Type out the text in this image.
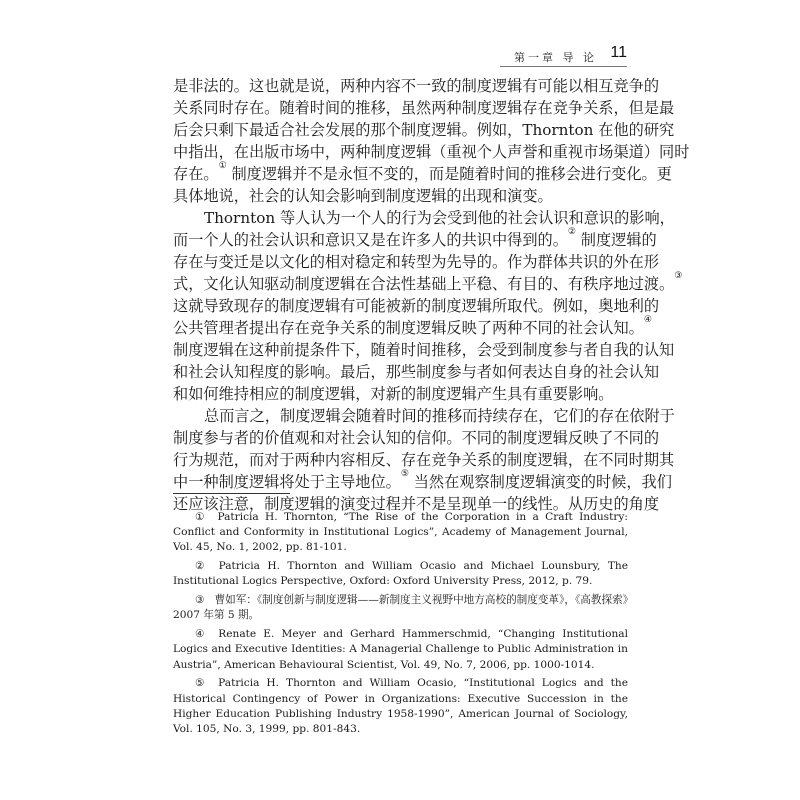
第一章 导 论 11
是非法的。这也就是说，两种内容不一致的制度逻辑有可能以相互竞争的
关系同时存在。随着时间的推移，虽然两种制度逻辑存在竞争关系，但是最
后会只剩下最适合社会发展的那个制度逻辑。例如，Thornton 在他的研究
中指出，在出版市场中，两种制度逻辑（重视个人声誉和重视市场渠道）同时
存在。① 制度逻辑并不是永恒不变的，而是随着时间的推移会进行变化。更
具体地说，社会的认知会影响到制度逻辑的出现和演变。
Thornton 等人认为一个人的行为会受到他的社会认识和意识的影响，
而一个人的社会认识和意识又是在许多人的共识中得到的。② 制度逻辑的
存在与变迁是以文化的相对稳定和转型为先导的。作为群体共识的外在形
式，文化认知驱动制度逻辑在合法性基础上平稳、有目的、有秩序地过渡。③
这就导致现存的制度逻辑有可能被新的制度逻辑所取代。例如，奥地利的
公共管理者提出存在竞争关系的制度逻辑反映了两种不同的社会认知。④
制度逻辑在这种前提条件下，随着时间推移，会受到制度参与者自我的认知
和社会认知程度的影响。最后，那些制度参与者如何表达自身的社会认知
和如何维持相应的制度逻辑，对新的制度逻辑产生具有重要影响。
总而言之，制度逻辑会随着时间的推移而持续存在，它们的存在依附于
制度参与者的价值观和对社会认知的信仰。不同的制度逻辑反映了不同的
行为规范，而对于两种内容相反、存在竞争关系的制度逻辑，在不同时期其
中一种制度逻辑将处于主导地位。⑤ 当然在观察制度逻辑演变的时候，我们
还应该注意，制度逻辑的演变过程并不是呈现单一的线性。从历史的角度
① Patricia H. Thornton, “The Rise of the Corporation in a Craft Industry: Conflict and Conformity in Institutional Logics”, Academy of Management Journal, Vol. 45, No. 1, 2002, pp. 81-101.
② Patricia H. Thornton and William Ocasio and Michael Lounsbury, The Institutional Logics Perspective, Oxford: Oxford University Press, 2012, p. 79.
③ 曹如军：《制度创新与制度逻辑——新制度主义视野中地方高校的制度变革》，《高教探索》2007 年第 5 期。
④ Renate E. Meyer and Gerhard Hammerschmid, “Changing Institutional Logics and Executive Identities: A Managerial Challenge to Public Administration in Austria”, American Behavioural Scientist, Vol. 49, No. 7, 2006, pp. 1000-1014.
⑤ Patricia H. Thornton and William Ocasio, “Institutional Logics and the Historical Contingency of Power in Organizations: Executive Succession in the Higher Education Publishing Industry 1958-1990”, American Journal of Sociology, Vol. 105, No. 3, 1999, pp. 801-843.
